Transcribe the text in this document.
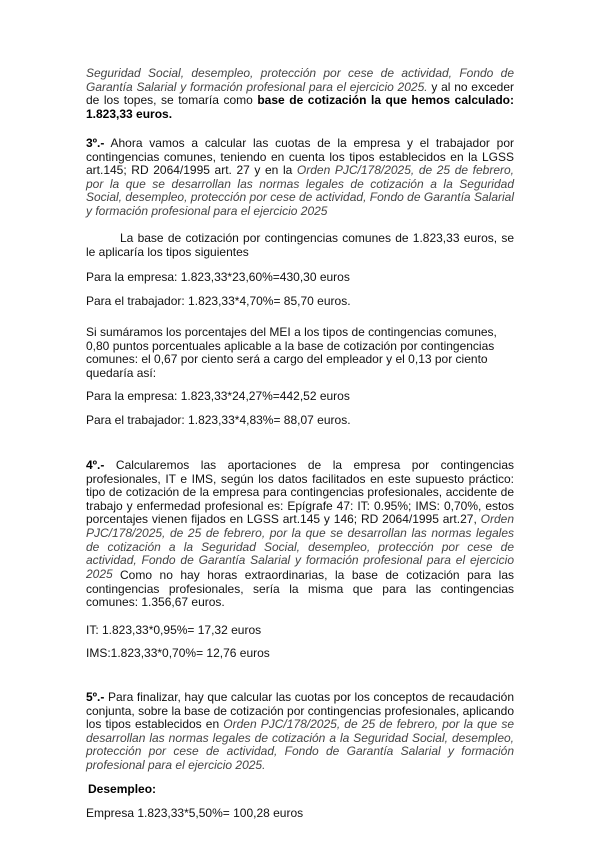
Seguridad Social, desempleo, protección por cese de actividad, Fondo de Garantía Salarial y formación profesional para el ejercicio 2025. y al no exceder de los topes, se tomaría como base de cotización la que hemos calculado: 1.823,33 euros.

3º.- Ahora vamos a calcular las cuotas de la empresa y el trabajador por contingencias comunes, teniendo en cuenta los tipos establecidos en la LGSS art.145; RD 2064/1995 art. 27 y en la Orden PJC/178/2025, de 25 de febrero, por la que se desarrollan las normas legales de cotización a la Seguridad Social, desempleo, protección por cese de actividad, Fondo de Garantía Salarial y formación profesional para el ejercicio 2025

La base de cotización por contingencias comunes de 1.823,33 euros, se le aplicaría los tipos siguientes

Para la empresa: 1.823,33*23,60%=430,30 euros

Para el trabajador: 1.823,33*4,70%= 85,70 euros.

Si sumáramos los porcentajes del MEI a los tipos de contingencias comunes, 0,80 puntos porcentuales aplicable a la base de cotización por contingencias comunes: el 0,67 por ciento será a cargo del empleador y el 0,13 por ciento quedaría así:

Para la empresa: 1.823,33*24,27%=442,52 euros

Para el trabajador: 1.823,33*4,83%= 88,07 euros.

4º.- Calcularemos las aportaciones de la empresa por contingencias profesionales, IT e IMS, según los datos facilitados en este supuesto práctico: tipo de cotización de la empresa para contingencias profesionales, accidente de trabajo y enfermedad profesional es: Epígrafe 47: IT: 0.95%; IMS: 0,70%, estos porcentajes vienen fijados en LGSS art.145 y 146; RD 2064/1995 art.27, Orden PJC/178/2025, de 25 de febrero, por la que se desarrollan las normas legales de cotización a la Seguridad Social, desempleo, protección por cese de actividad, Fondo de Garantía Salarial y formación profesional para el ejercicio 2025 Como no hay horas extraordinarias, la base de cotización para las contingencias profesionales, sería la misma que para las contingencias comunes: 1.356,67 euros.

IT: 1.823,33*0,95%= 17,32 euros

IMS:1.823,33*0,70%= 12,76 euros

5º.- Para finalizar, hay que calcular las cuotas por los conceptos de recaudación conjunta, sobre la base de cotización por contingencias profesionales, aplicando los tipos establecidos en Orden PJC/178/2025, de 25 de febrero, por la que se desarrollan las normas legales de cotización a la Seguridad Social, desempleo, protección por cese de actividad, Fondo de Garantía Salarial y formación profesional para el ejercicio 2025.

Desempleo:

Empresa 1.823,33*5,50%= 100,28 euros
